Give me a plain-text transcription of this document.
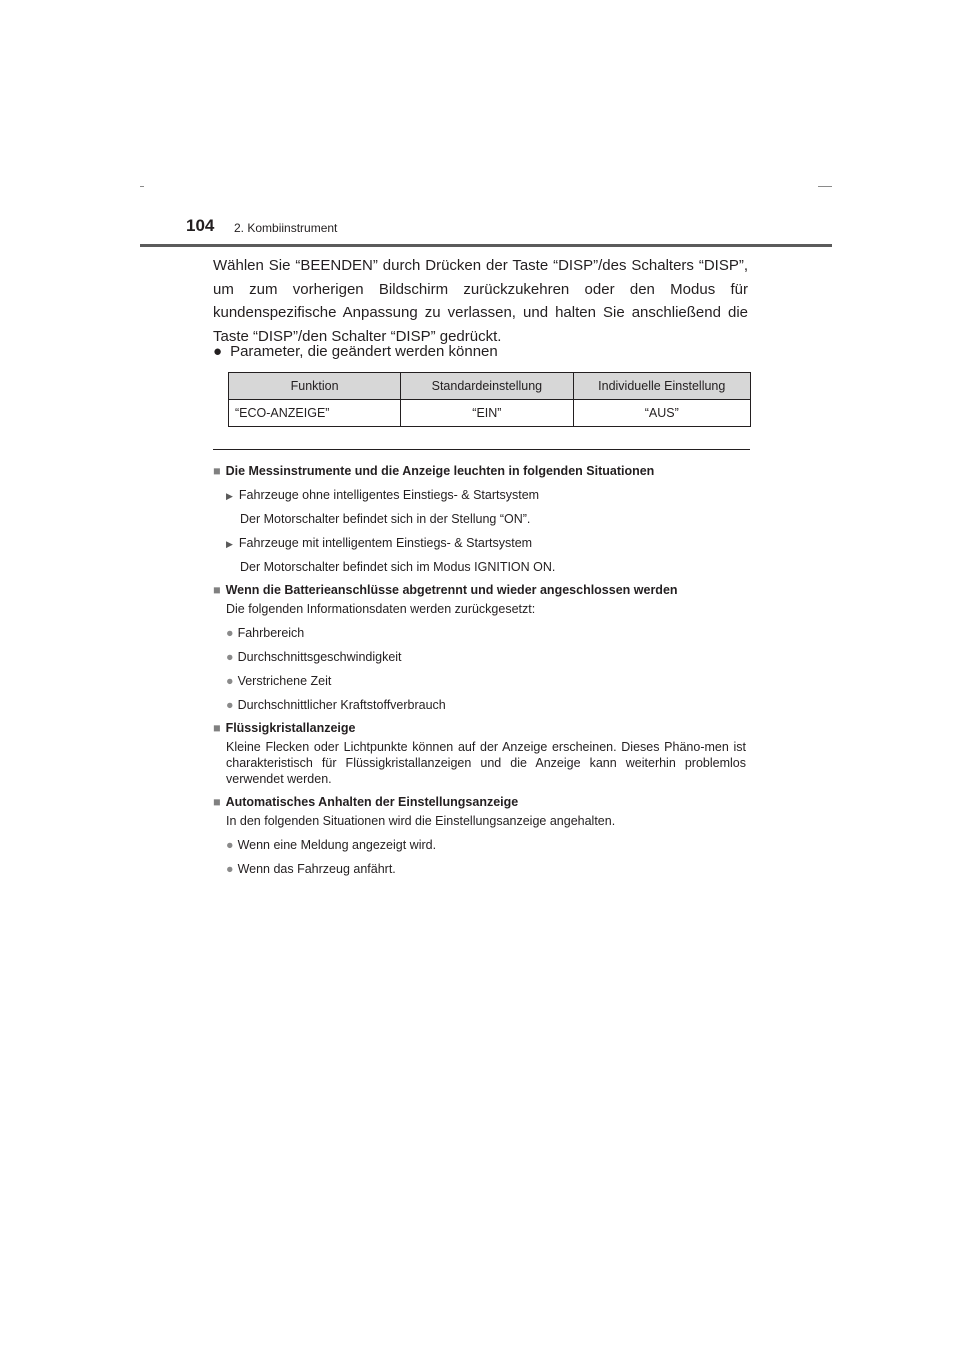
104 2. Kombiinstrument
Wählen Sie “BEENDEN” durch Drücken der Taste “DISP”/des Schalters “DISP”, um zum vorherigen Bildschirm zurückzukehren oder den Modus für kundenspezifische Anpassung zu verlassen, und halten Sie anschließend die Taste “DISP”/den Schalter “DISP” gedrückt.
● Parameter, die geändert werden können
Funktion	Standardeinstellung	Individuelle Einstellung
“ECO-ANZEIGE”	“EIN”	“AUS”
■ Die Messinstrumente und die Anzeige leuchten in folgenden Situationen
▶ Fahrzeuge ohne intelligentes Einstiegs- & Startsystem
Der Motorschalter befindet sich in der Stellung “ON”.
▶ Fahrzeuge mit intelligentem Einstiegs- & Startsystem
Der Motorschalter befindet sich im Modus IGNITION ON.
■ Wenn die Batterieanschlüsse abgetrennt und wieder angeschlossen werden
Die folgenden Informationsdaten werden zurückgesetzt:
● Fahrbereich
● Durchschnittsgeschwindigkeit
● Verstrichene Zeit
● Durchschnittlicher Kraftstoffverbrauch
■ Flüssigkristallanzeige
Kleine Flecken oder Lichtpunkte können auf der Anzeige erscheinen. Dieses Phäno-men ist charakteristisch für Flüssigkristallanzeigen und die Anzeige kann weiterhin problemlos verwendet werden.
■ Automatisches Anhalten der Einstellungsanzeige
In den folgenden Situationen wird die Einstellungsanzeige angehalten.
● Wenn eine Meldung angezeigt wird.
● Wenn das Fahrzeug anfährt.
